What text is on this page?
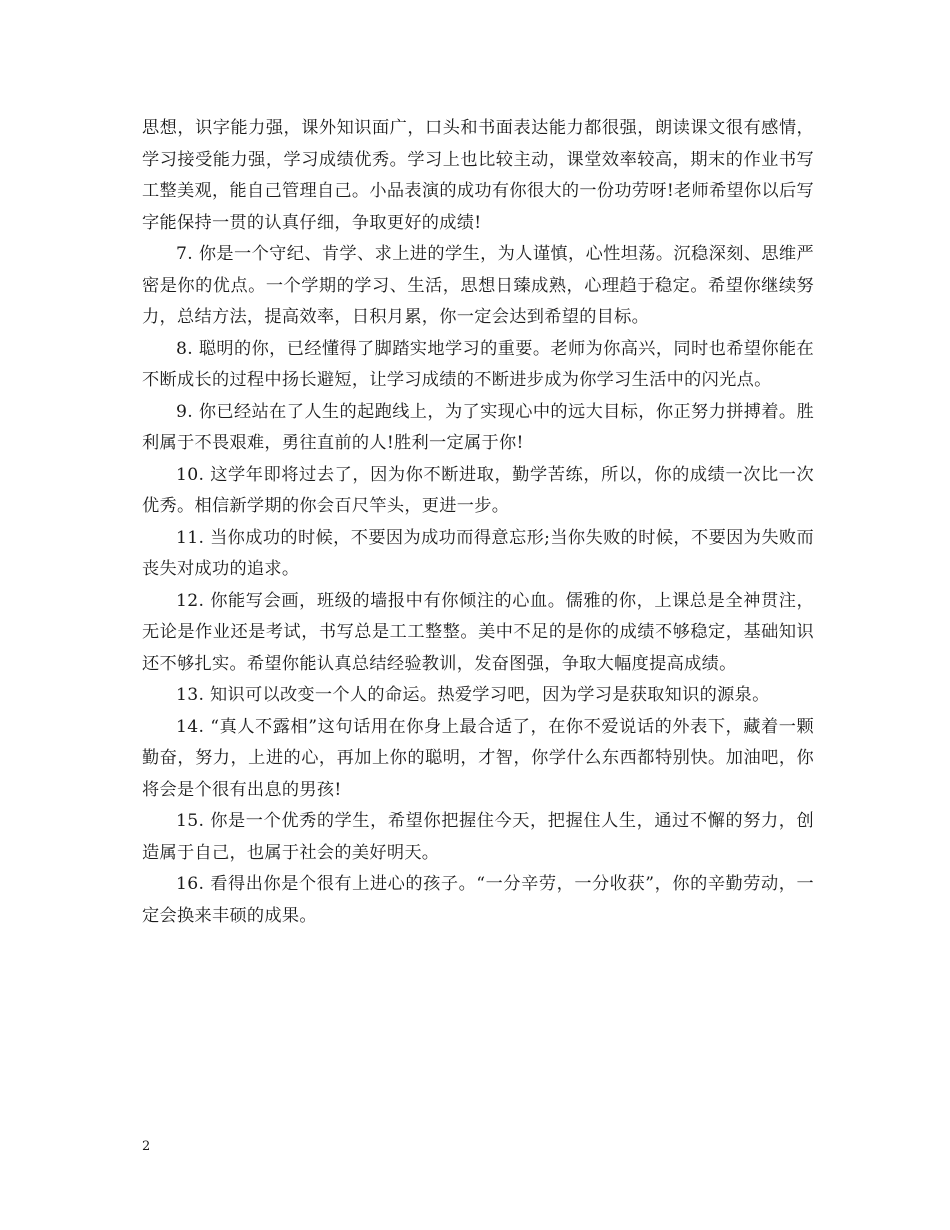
思想，识字能力强，课外知识面广，口头和书面表达能力都很强，朗读课文很有感情，学习接受能力强，学习成绩优秀。学习上也比较主动，课堂效率较高，期末的作业书写工整美观，能自己管理自己。小品表演的成功有你很大的一份功劳呀!老师希望你以后写字能保持一贯的认真仔细，争取更好的成绩!

7. 你是一个守纪、肯学、求上进的学生，为人谨慎，心性坦荡。沉稳深刻、思维严密是你的优点。一个学期的学习、生活，思想日臻成熟，心理趋于稳定。希望你继续努力，总结方法，提高效率，日积月累，你一定会达到希望的目标。

8. 聪明的你，已经懂得了脚踏实地学习的重要。老师为你高兴，同时也希望你能在不断成长的过程中扬长避短，让学习成绩的不断进步成为你学习生活中的闪光点。

9. 你已经站在了人生的起跑线上，为了实现心中的远大目标，你正努力拼搏着。胜利属于不畏艰难，勇往直前的人!胜利一定属于你!

10. 这学年即将过去了，因为你不断进取，勤学苦练，所以，你的成绩一次比一次优秀。相信新学期的你会百尺竿头，更进一步。

11. 当你成功的时候，不要因为成功而得意忘形;当你失败的时候，不要因为失败而丧失对成功的追求。

12. 你能写会画，班级的墙报中有你倾注的心血。儒雅的你，上课总是全神贯注，无论是作业还是考试，书写总是工工整整。美中不足的是你的成绩不够稳定，基础知识还不够扎实。希望你能认真总结经验教训，发奋图强，争取大幅度提高成绩。

13. 知识可以改变一个人的命运。热爱学习吧，因为学习是获取知识的源泉。

14. “真人不露相”这句话用在你身上最合适了，在你不爱说话的外表下，藏着一颗勤奋，努力，上进的心，再加上你的聪明，才智，你学什么东西都特别快。加油吧，你将会是个很有出息的男孩!

15. 你是一个优秀的学生，希望你把握住今天，把握住人生，通过不懈的努力，创造属于自己，也属于社会的美好明天。

16. 看得出你是个很有上进心的孩子。“一分辛劳，一分收获”，你的辛勤劳动，一定会换来丰硕的成果。

2
